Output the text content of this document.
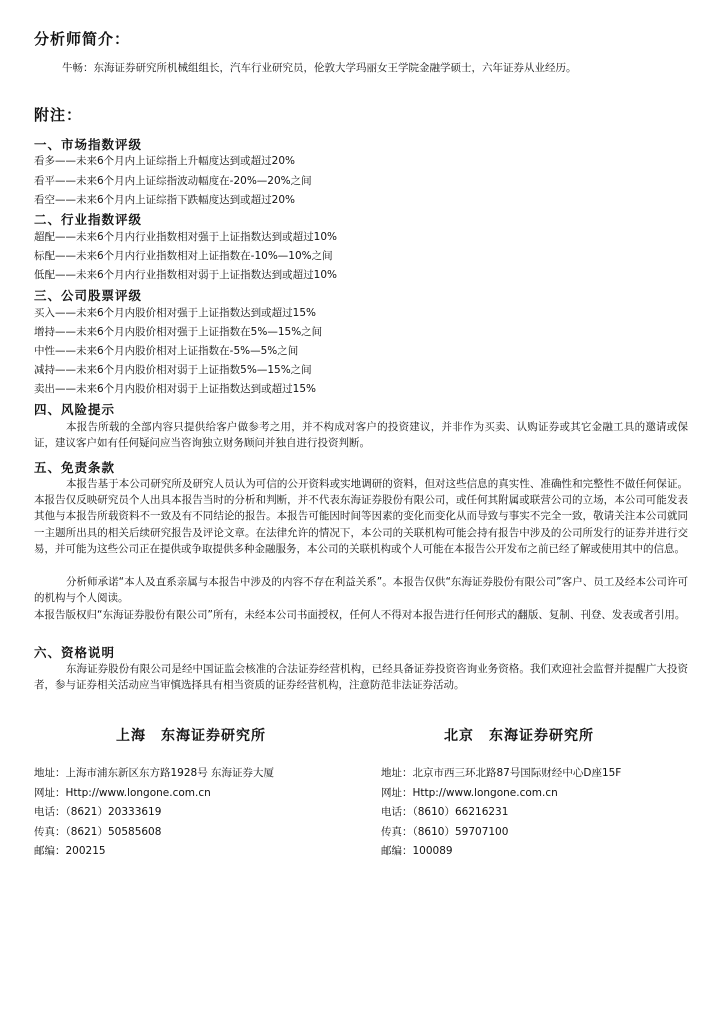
分析师简介：
牛畅：东海证券研究所机械组组长，汽车行业研究员，伦敦大学玛丽女王学院金融学硕士，六年证券从业经历。
附注：
一、市场指数评级
看多——未来6个月内上证综指上升幅度达到或超过20%
看平——未来6个月内上证综指波动幅度在-20%—20%之间
看空——未来6个月内上证综指下跌幅度达到或超过20%
二、行业指数评级
超配——未来6个月内行业指数相对强于上证指数达到或超过10%
标配——未来6个月内行业指数相对上证指数在-10%—10%之间
低配——未来6个月内行业指数相对弱于上证指数达到或超过10%
三、公司股票评级
买入——未来6个月内股价相对强于上证指数达到或超过15%
增持——未来6个月内股价相对强于上证指数在5%—15%之间
中性——未来6个月内股价相对上证指数在-5%—5%之间
减持——未来6个月内股价相对弱于上证指数5%—15%之间
卖出——未来6个月内股价相对弱于上证指数达到或超过15%
四、风险提示
本报告所载的全部内容只提供给客户做参考之用，并不构成对客户的投资建议，并非作为买卖、认购证券或其它金融工具的邀请或保证，建议客户如有任何疑问应当咨询独立财务顾问并独自进行投资判断。
五、免责条款
本报告基于本公司研究所及研究人员认为可信的公开资料或实地调研的资料，但对这些信息的真实性、准确性和完整性不做任何保证。本报告仅反映研究员个人出具本报告当时的分析和判断，并不代表东海证券股份有限公司，或任何其附属或联营公司的立场，本公司可能发表其他与本报告所载资料不一致及有不同结论的报告。本报告可能因时间等因素的变化而变化从而导致与事实不完全一致，敬请关注本公司就同一主题所出具的相关后续研究报告及评论文章。在法律允许的情况下，本公司的关联机构可能会持有报告中涉及的公司所发行的证券并进行交易，并可能为这些公司正在提供或争取提供多种金融服务，本公司的关联机构或个人可能在本报告公开发布之前已经了解或使用其中的信息。
分析师承诺“本人及直系亲属与本报告中涉及的内容不存在利益关系”。本报告仅供“东海证券股份有限公司”客户、员工及经本公司许可的机构与个人阅读。
本报告版权归“东海证券股份有限公司”所有，未经本公司书面授权，任何人不得对本报告进行任何形式的翻版、复制、刊登、发表或者引用。
六、资格说明
东海证券股份有限公司是经中国证监会核准的合法证券经营机构，已经具备证券投资咨询业务资格。我们欢迎社会监督并提醒广大投资者，参与证券相关活动应当审慎选择具有相当资质的证券经营机构，注意防范非法证券活动。
上海　东海证券研究所	北京　东海证券研究所
地址：上海市浦东新区东方路1928号 东海证券大厦
网址：Http://www.longone.com.cn
电话：（8621）20333619
传真：（8621）50585608
邮编：200215
地址：北京市西三环北路87号国际财经中心D座15F
网址：Http://www.longone.com.cn
电话：（8610）66216231
传真：（8610）59707100
邮编：100089
